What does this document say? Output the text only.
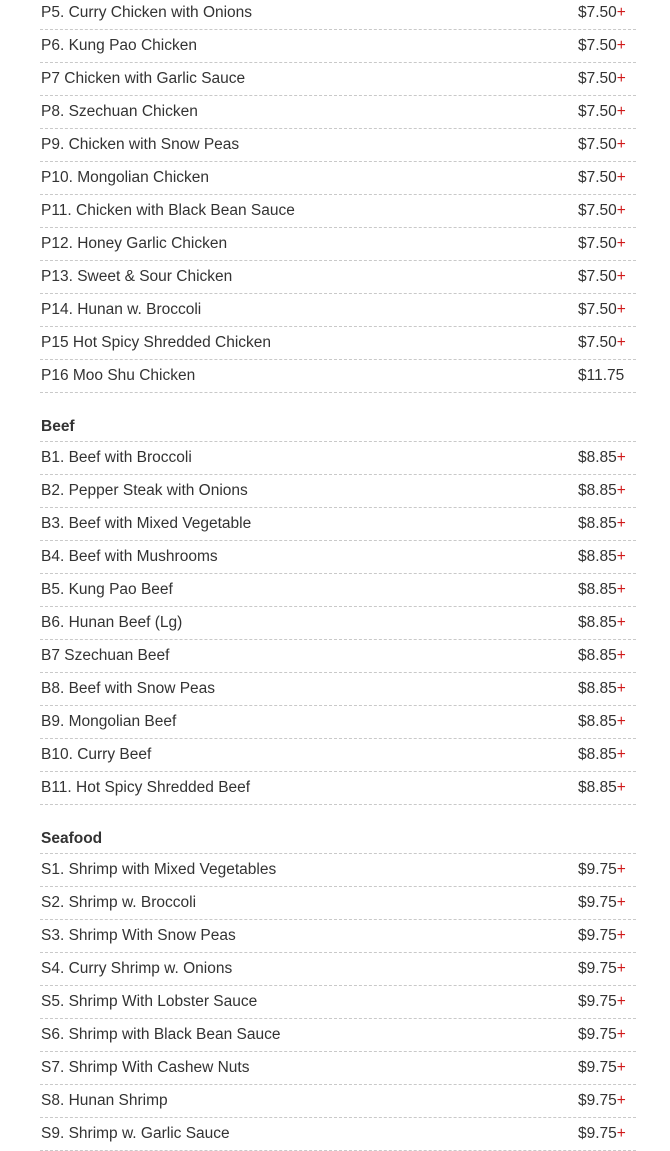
P5. Curry Chicken with Onions	$7.50+
P6. Kung Pao Chicken	$7.50+
P7 Chicken with Garlic Sauce	$7.50+
P8. Szechuan Chicken	$7.50+
P9. Chicken with Snow Peas	$7.50+
P10. Mongolian Chicken	$7.50+
P11. Chicken with Black Bean Sauce	$7.50+
P12. Honey Garlic Chicken	$7.50+
P13. Sweet & Sour Chicken	$7.50+
P14. Hunan w. Broccoli	$7.50+
P15 Hot Spicy Shredded Chicken	$7.50+
P16 Moo Shu Chicken	$11.75
Beef
B1. Beef with Broccoli	$8.85+
B2. Pepper Steak with Onions	$8.85+
B3. Beef with Mixed Vegetable	$8.85+
B4. Beef with Mushrooms	$8.85+
B5. Kung Pao Beef	$8.85+
B6. Hunan Beef (Lg)	$8.85+
B7 Szechuan Beef	$8.85+
B8. Beef with Snow Peas	$8.85+
B9. Mongolian Beef	$8.85+
B10. Curry Beef	$8.85+
B11. Hot Spicy Shredded Beef	$8.85+
Seafood
S1. Shrimp with Mixed Vegetables	$9.75+
S2. Shrimp w. Broccoli	$9.75+
S3. Shrimp With Snow Peas	$9.75+
S4. Curry Shrimp w. Onions	$9.75+
S5. Shrimp With Lobster Sauce	$9.75+
S6. Shrimp with Black Bean Sauce	$9.75+
S7. Shrimp With Cashew Nuts	$9.75+
S8. Hunan Shrimp	$9.75+
S9. Shrimp w. Garlic Sauce	$9.75+
